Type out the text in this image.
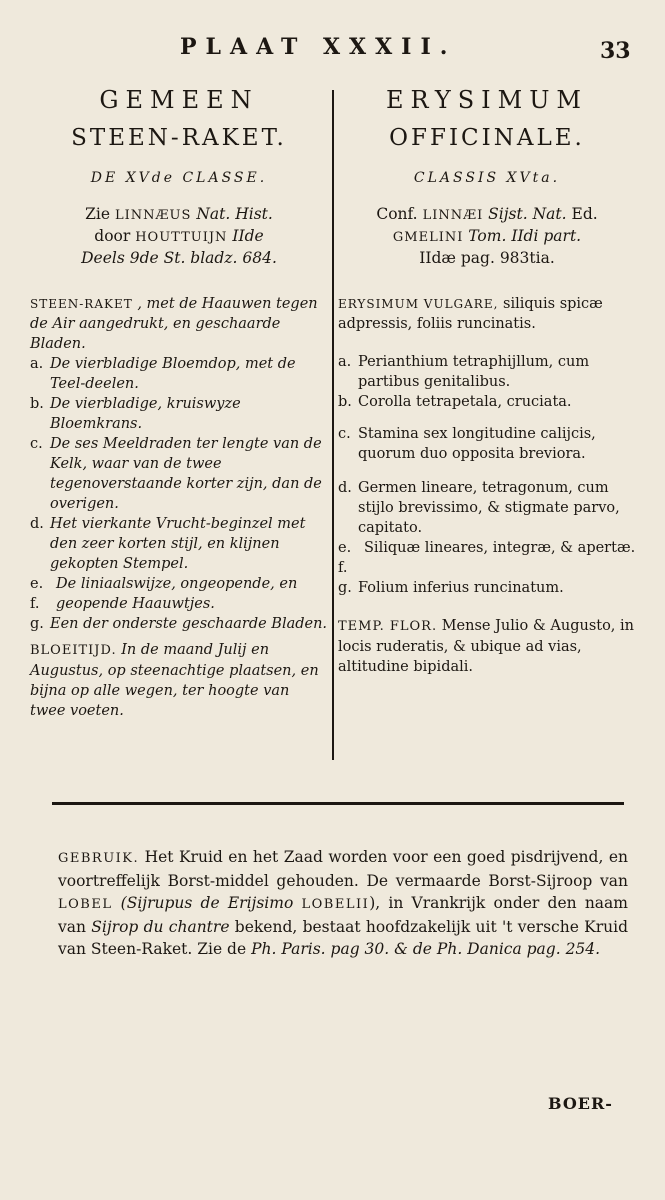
PLAAT XXXII.	33
GEMEEN
STEEN-RAKET.
DE XVde CLASSE.
Zie LINNÆUS Nat. Hist.
door HOUTTUIJN IIde
Deels 9de St. bladz. 684.
STEEN-RAKET , met de Haauwen tegen de Air aangedrukt, en geschaarde Bladen.
a. De vierbladige Bloemdop, met de Teel-deelen.
b. De vierbladige, kruiswyze Bloemkrans.
c. De ses Meeldraden ter lengte van de Kelk, waar van de twee tegenoverstaande korter zijn, dan de overigen.
d. Het vierkante Vrucht-beginzel met den zeer korten stijl, en klijnen gekopten Stempel.
e. f.
De liniaalswijze, ongeopende, en geopende Haauwtjes.
g. Een der onderste geschaarde Bladen.
BLOEITIJD. In de maand Julij en Augustus, op steenachtige plaatsen, en bijna op alle wegen, ter hoogte van twee voeten.
ERYSIMUM
OFFICINALE.
CLASSIS XVta.
Conf. LINNÆI Sijst. Nat. Ed.
GMELINI Tom. IIdi part.
IIdæ pag. 983tia.
ERYSIMUM VULGARE, siliquis spicæ adpressis, foliis runcinatis.
a. Perianthium tetraphijllum, cum partibus genitalibus.
b. Corolla tetrapetala, cruciata.
c. Stamina sex longitudine calijcis, quorum duo opposita breviora.
d. Germen lineare, tetragonum, cum stijlo brevissimo, & stigmate parvo, capitato.
e. f.
Siliquæ lineares, integræ, & apertæ.
g. Folium inferius runcinatum.
TEMP. FLOR. Mense Julio & Augusto, in locis ruderatis, & ubique ad vias, altitudine bipidali.
GEBRUIK. Het Kruid en het Zaad worden voor een goed pisdrijvend, en voortreffelijk Borst-middel gehouden. De vermaarde Borst-Sijroop van LOBEL (Sijrupus de Erijsimo LOBELII), in Vrankrijk onder den naam van Sijrop du chantre bekend, bestaat hoofdzakelijk uit 't versche Kruid van Steen-Raket. Zie de Ph. Paris. pag 30. & de Ph. Danica pag. 254.
BOER-
